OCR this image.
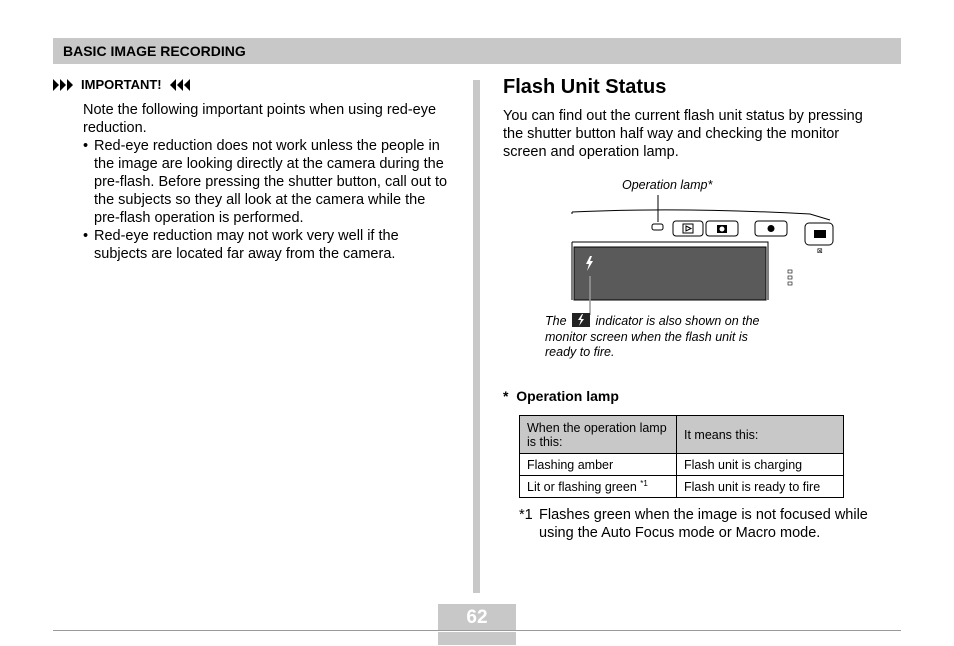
BASIC IMAGE RECORDING
IMPORTANT!

Note the following important points when using red-eye reduction.

• Red-eye reduction does not work unless the people in the image are looking directly at the camera during the pre-flash. Before pressing the shutter button, call out to the subjects so they all look at the camera while the pre-flash operation is performed.
• Red-eye reduction may not work very well if the subjects are located far away from the camera.
Flash Unit Status

You can find out the current flash unit status by pressing the shutter button half way and checking the monitor screen and operation lamp.

Operation lamp*
⊠
The indicator is also shown on the monitor screen when the flash unit is ready to fire.
*  Operation lamp
When the operation lamp is this:	It means this:
Flashing amber	Flash unit is charging
Lit or flashing green $^{*1}$	Flash unit is ready to fire
*1 Flashes green when the image is not focused while using the Auto Focus mode or Macro mode.
62
